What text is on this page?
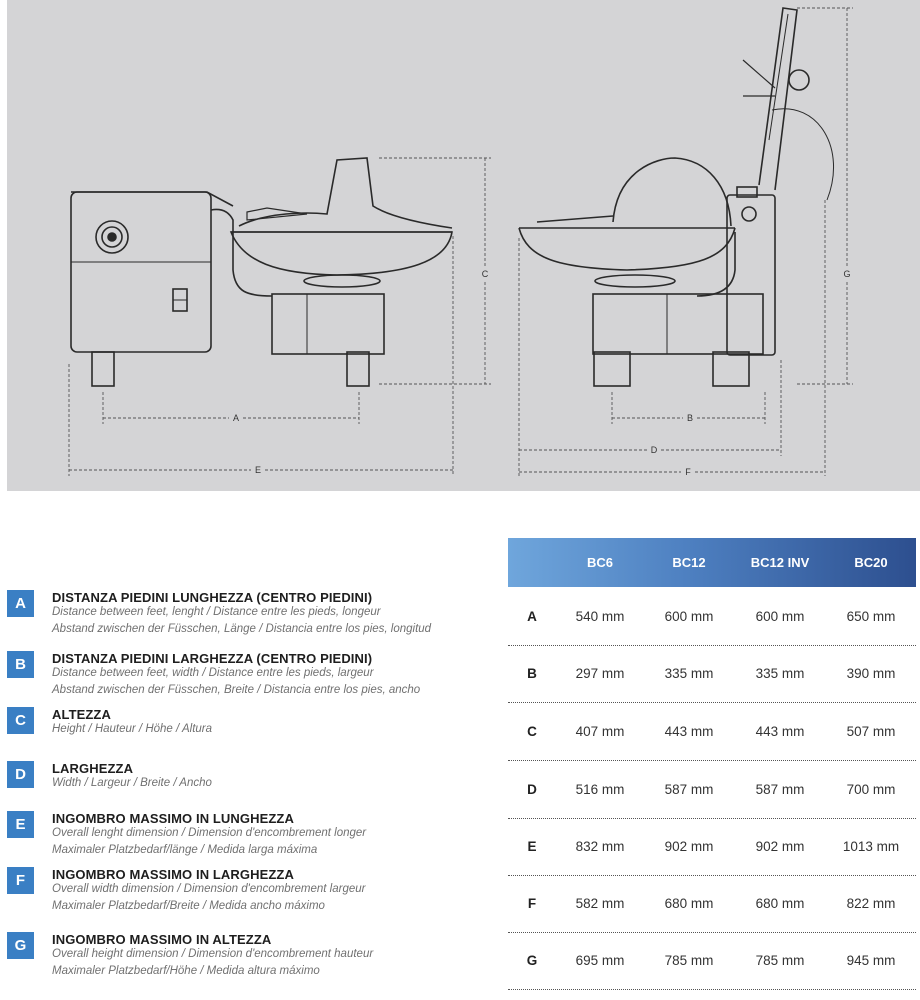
A	B
C
D
E	F
G
A	DISTANZA PIEDINI LUNGHEZZA (CENTRO PIEDINI)
Distance between feet, lenght / Distance entre les pieds, longeur
Abstand zwischen der Füsschen, Länge / Distancia entre los pies, longitud
B	DISTANZA PIEDINI LARGHEZZA (CENTRO PIEDINI)
Distance between feet, width / Distance entre les pieds, largeur
Abstand zwischen der Füsschen, Breite / Distancia entre los pies, ancho
C	ALTEZZA
Height / Hauteur / Höhe / Altura
D	LARGHEZZA
Width / Largeur / Breite / Ancho
E	INGOMBRO MASSIMO IN LUNGHEZZA
Overall lenght dimension / Dimension d'encombrement longer
Maximaler Platzbedarf/länge / Medida larga máxima
F	INGOMBRO MASSIMO IN LARGHEZZA
Overall width dimension / Dimension d'encombrement largeur
Maximaler Platzbedarf/Breite / Medida ancho máximo
G	INGOMBRO MASSIMO IN ALTEZZA
Overall height dimension / Dimension d'encombrement hauteur
Maximaler Platzbedarf/Höhe / Medida altura máximo
BC6	BC12	BC12 INV	BC20
A	540 mm	600 mm	600 mm	650 mm
B	297 mm	335 mm	335 mm	390 mm
C	407 mm	443 mm	443 mm	507 mm
D	516 mm	587 mm	587 mm	700 mm
E	832 mm	902 mm	902 mm	1013 mm
F	582 mm	680 mm	680 mm	822 mm
G	695 mm	785 mm	785 mm	945 mm
